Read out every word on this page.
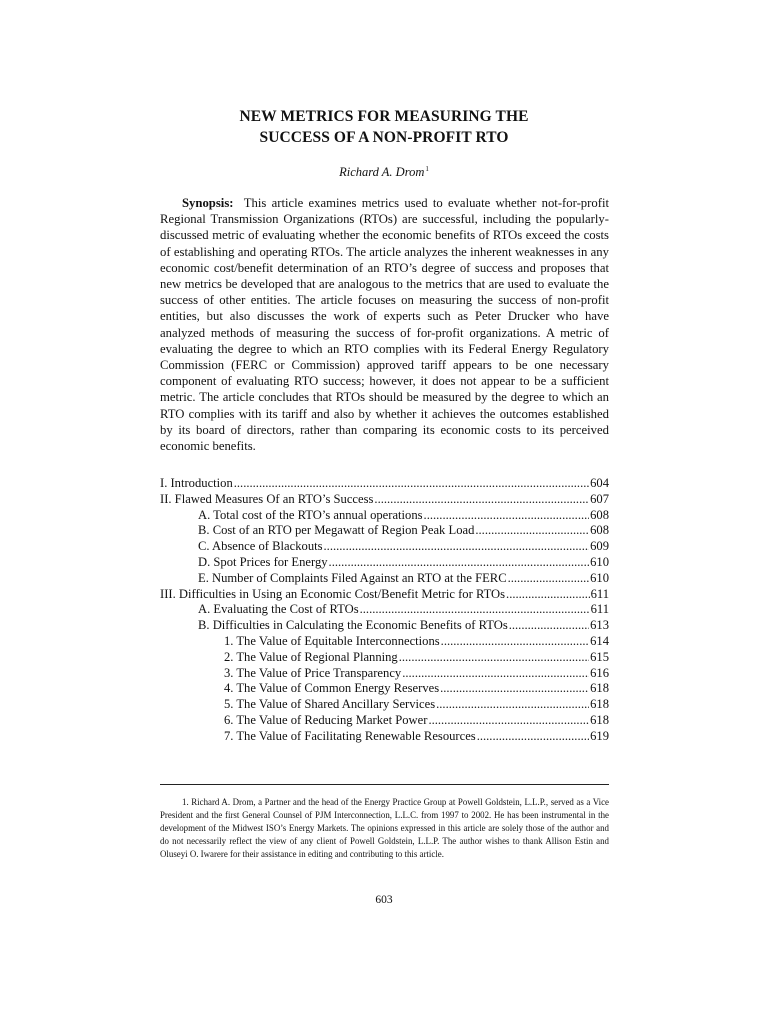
NEW METRICS FOR MEASURING THE
SUCCESS OF A NON-PROFIT RTO
Richard A. Drom$^1$

Synopsis: This article examines metrics used to evaluate whether not-for-profit Regional Transmission Organizations (RTOs) are successful, including the popularly-discussed metric of evaluating whether the economic benefits of RTOs exceed the costs of establishing and operating RTOs. The article analyzes the inherent weaknesses in any economic cost/benefit determination of an RTO’s degree of success and proposes that new metrics be developed that are analogous to the metrics that are used to evaluate the success of other entities. The article focuses on measuring the success of non-profit entities, but also discusses the work of experts such as Peter Drucker who have analyzed methods of measuring the success of for-profit organizations. A metric of evaluating the degree to which an RTO complies with its Federal Energy Regulatory Commission (FERC or Commission) approved tariff appears to be one necessary component of evaluating RTO success; however, it does not appear to be a sufficient metric. The article concludes that RTOs should be measured by the degree to which an RTO complies with its tariff and also by whether it achieves the outcomes established by its board of directors, rather than comparing its economic costs to its perceived economic benefits.

I. Introduction .....	604
II. Flawed Measures Of an RTO’s Success .....	607
A. Total cost of the RTO’s annual operations .....	608
B. Cost of an RTO per Megawatt of Region Peak Load .....	608
C. Absence of Blackouts .....	609
D. Spot Prices for Energy .....	610
E. Number of Complaints Filed Against an RTO at the FERC .....	610
III. Difficulties in Using an Economic Cost/Benefit Metric for RTOs .....	611
A. Evaluating the Cost of RTOs .....	611
B. Difficulties in Calculating the Economic Benefits of RTOs .....	613
1. The Value of Equitable Interconnections .....	614
2. The Value of Regional Planning .....	615
3. The Value of Price Transparency .....	616
4. The Value of Common Energy Reserves .....	618
5. The Value of Shared Ancillary Services .....	618
6. The Value of Reducing Market Power .....	618
7. The Value of Facilitating Renewable Resources .....	619

1. Richard A. Drom, a Partner and the head of the Energy Practice Group at Powell Goldstein, L.L.P., served as a Vice President and the first General Counsel of PJM Interconnection, L.L.C. from 1997 to 2002. He has been instrumental in the development of the Midwest ISO’s Energy Markets. The opinions expressed in this article are solely those of the author and do not necessarily reflect the view of any client of Powell Goldstein, L.L.P. The author wishes to thank Allison Estin and Oluseyi O. Iwarere for their assistance in editing and contributing to this article.

603
